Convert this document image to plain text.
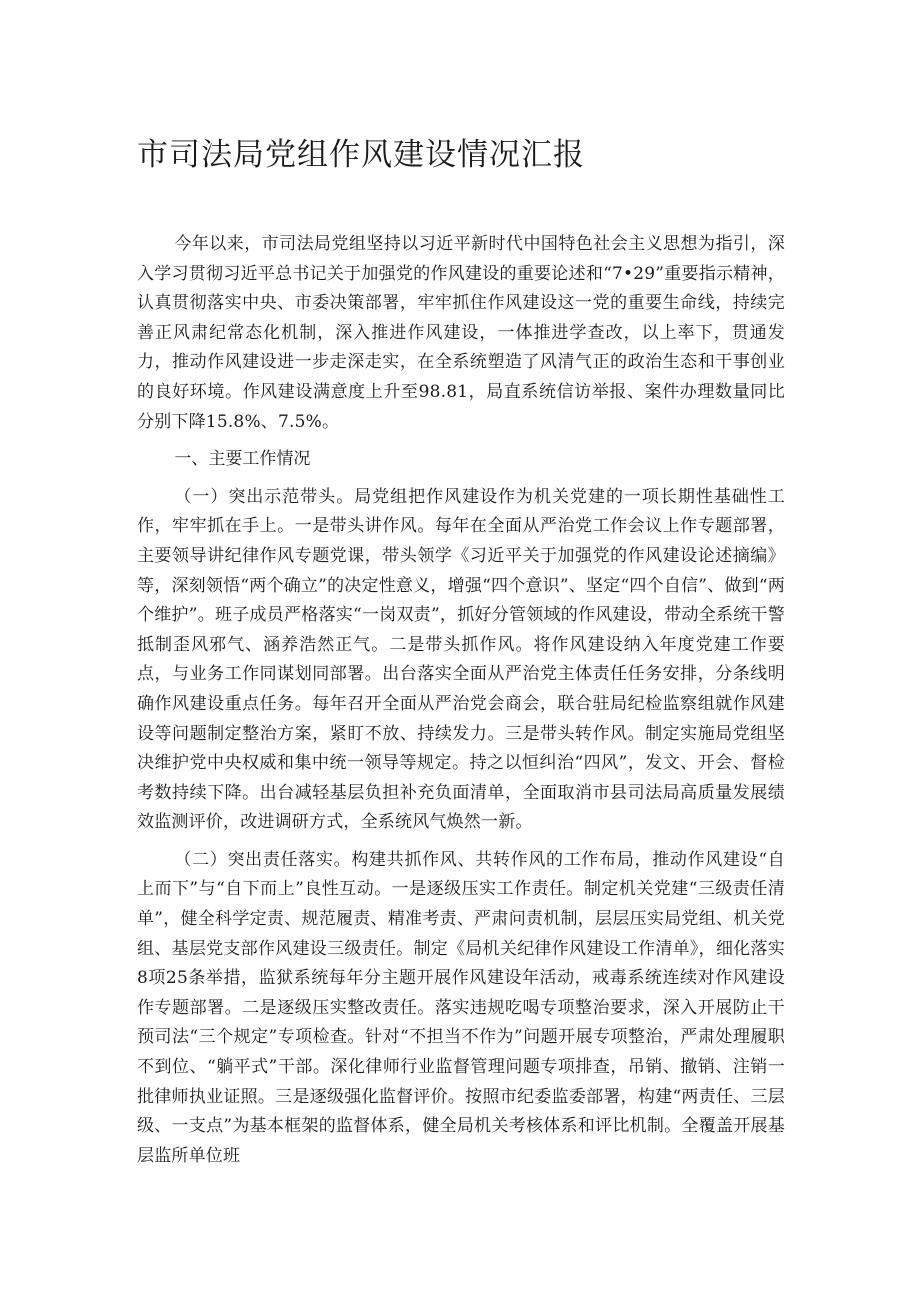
市司法局党组作风建设情况汇报

今年以来，市司法局党组坚持以习近平新时代中国特色社会主义思想为指引，深入学习贯彻习近平总书记关于加强党的作风建设的重要论述和“7•29”重要指示精神，认真贯彻落实中央、市委决策部署，牢牢抓住作风建设这一党的重要生命线，持续完善正风肃纪常态化机制，深入推进作风建设，一体推进学查改，以上率下，贯通发力，推动作风建设进一步走深走实，在全系统塑造了风清气正的政治生态和干事创业的良好环境。作风建设满意度上升至98.81，局直系统信访举报、案件办理数量同比分别下降15.8%、7.5%。

一、主要工作情况

（一）突出示范带头。局党组把作风建设作为机关党建的一项长期性基础性工作，牢牢抓在手上。一是带头讲作风。每年在全面从严治党工作会议上作专题部署，主要领导讲纪律作风专题党课，带头领学《习近平关于加强党的作风建设论述摘编》等，深刻领悟“两个确立”的决定性意义，增强“四个意识”、坚定“四个自信”、做到“两个维护”。班子成员严格落实“一岗双责”，抓好分管领域的作风建设，带动全系统干警抵制歪风邪气、涵养浩然正气。二是带头抓作风。将作风建设纳入年度党建工作要点，与业务工作同谋划同部署。出台落实全面从严治党主体责任任务安排，分条线明确作风建设重点任务。每年召开全面从严治党会商会，联合驻局纪检监察组就作风建设等问题制定整治方案，紧盯不放、持续发力。三是带头转作风。制定实施局党组坚决维护党中央权威和集中统一领导等规定。持之以恒纠治“四风”，发文、开会、督检考数持续下降。出台减轻基层负担补充负面清单，全面取消市县司法局高质量发展绩效监测评价，改进调研方式，全系统风气焕然一新。

（二）突出责任落实。构建共抓作风、共转作风的工作布局，推动作风建设“自上而下”与“自下而上”良性互动。一是逐级压实工作责任。制定机关党建“三级责任清单”，健全科学定责、规范履责、精准考责、严肃问责机制，层层压实局党组、机关党组、基层党支部作风建设三级责任。制定《局机关纪律作风建设工作清单》，细化落实8项25条举措，监狱系统每年分主题开展作风建设年活动，戒毒系统连续对作风建设作专题部署。二是逐级压实整改责任。落实违规吃喝专项整治要求，深入开展防止干预司法“三个规定”专项检查。针对“不担当不作为”问题开展专项整治，严肃处理履职不到位、“躺平式”干部。深化律师行业监督管理问题专项排查，吊销、撤销、注销一批律师执业证照。三是逐级强化监督评价。按照市纪委监委部署，构建“两责任、三层级、一支点”为基本框架的监督体系，健全局机关考核体系和评比机制。全覆盖开展基层监所单位班
